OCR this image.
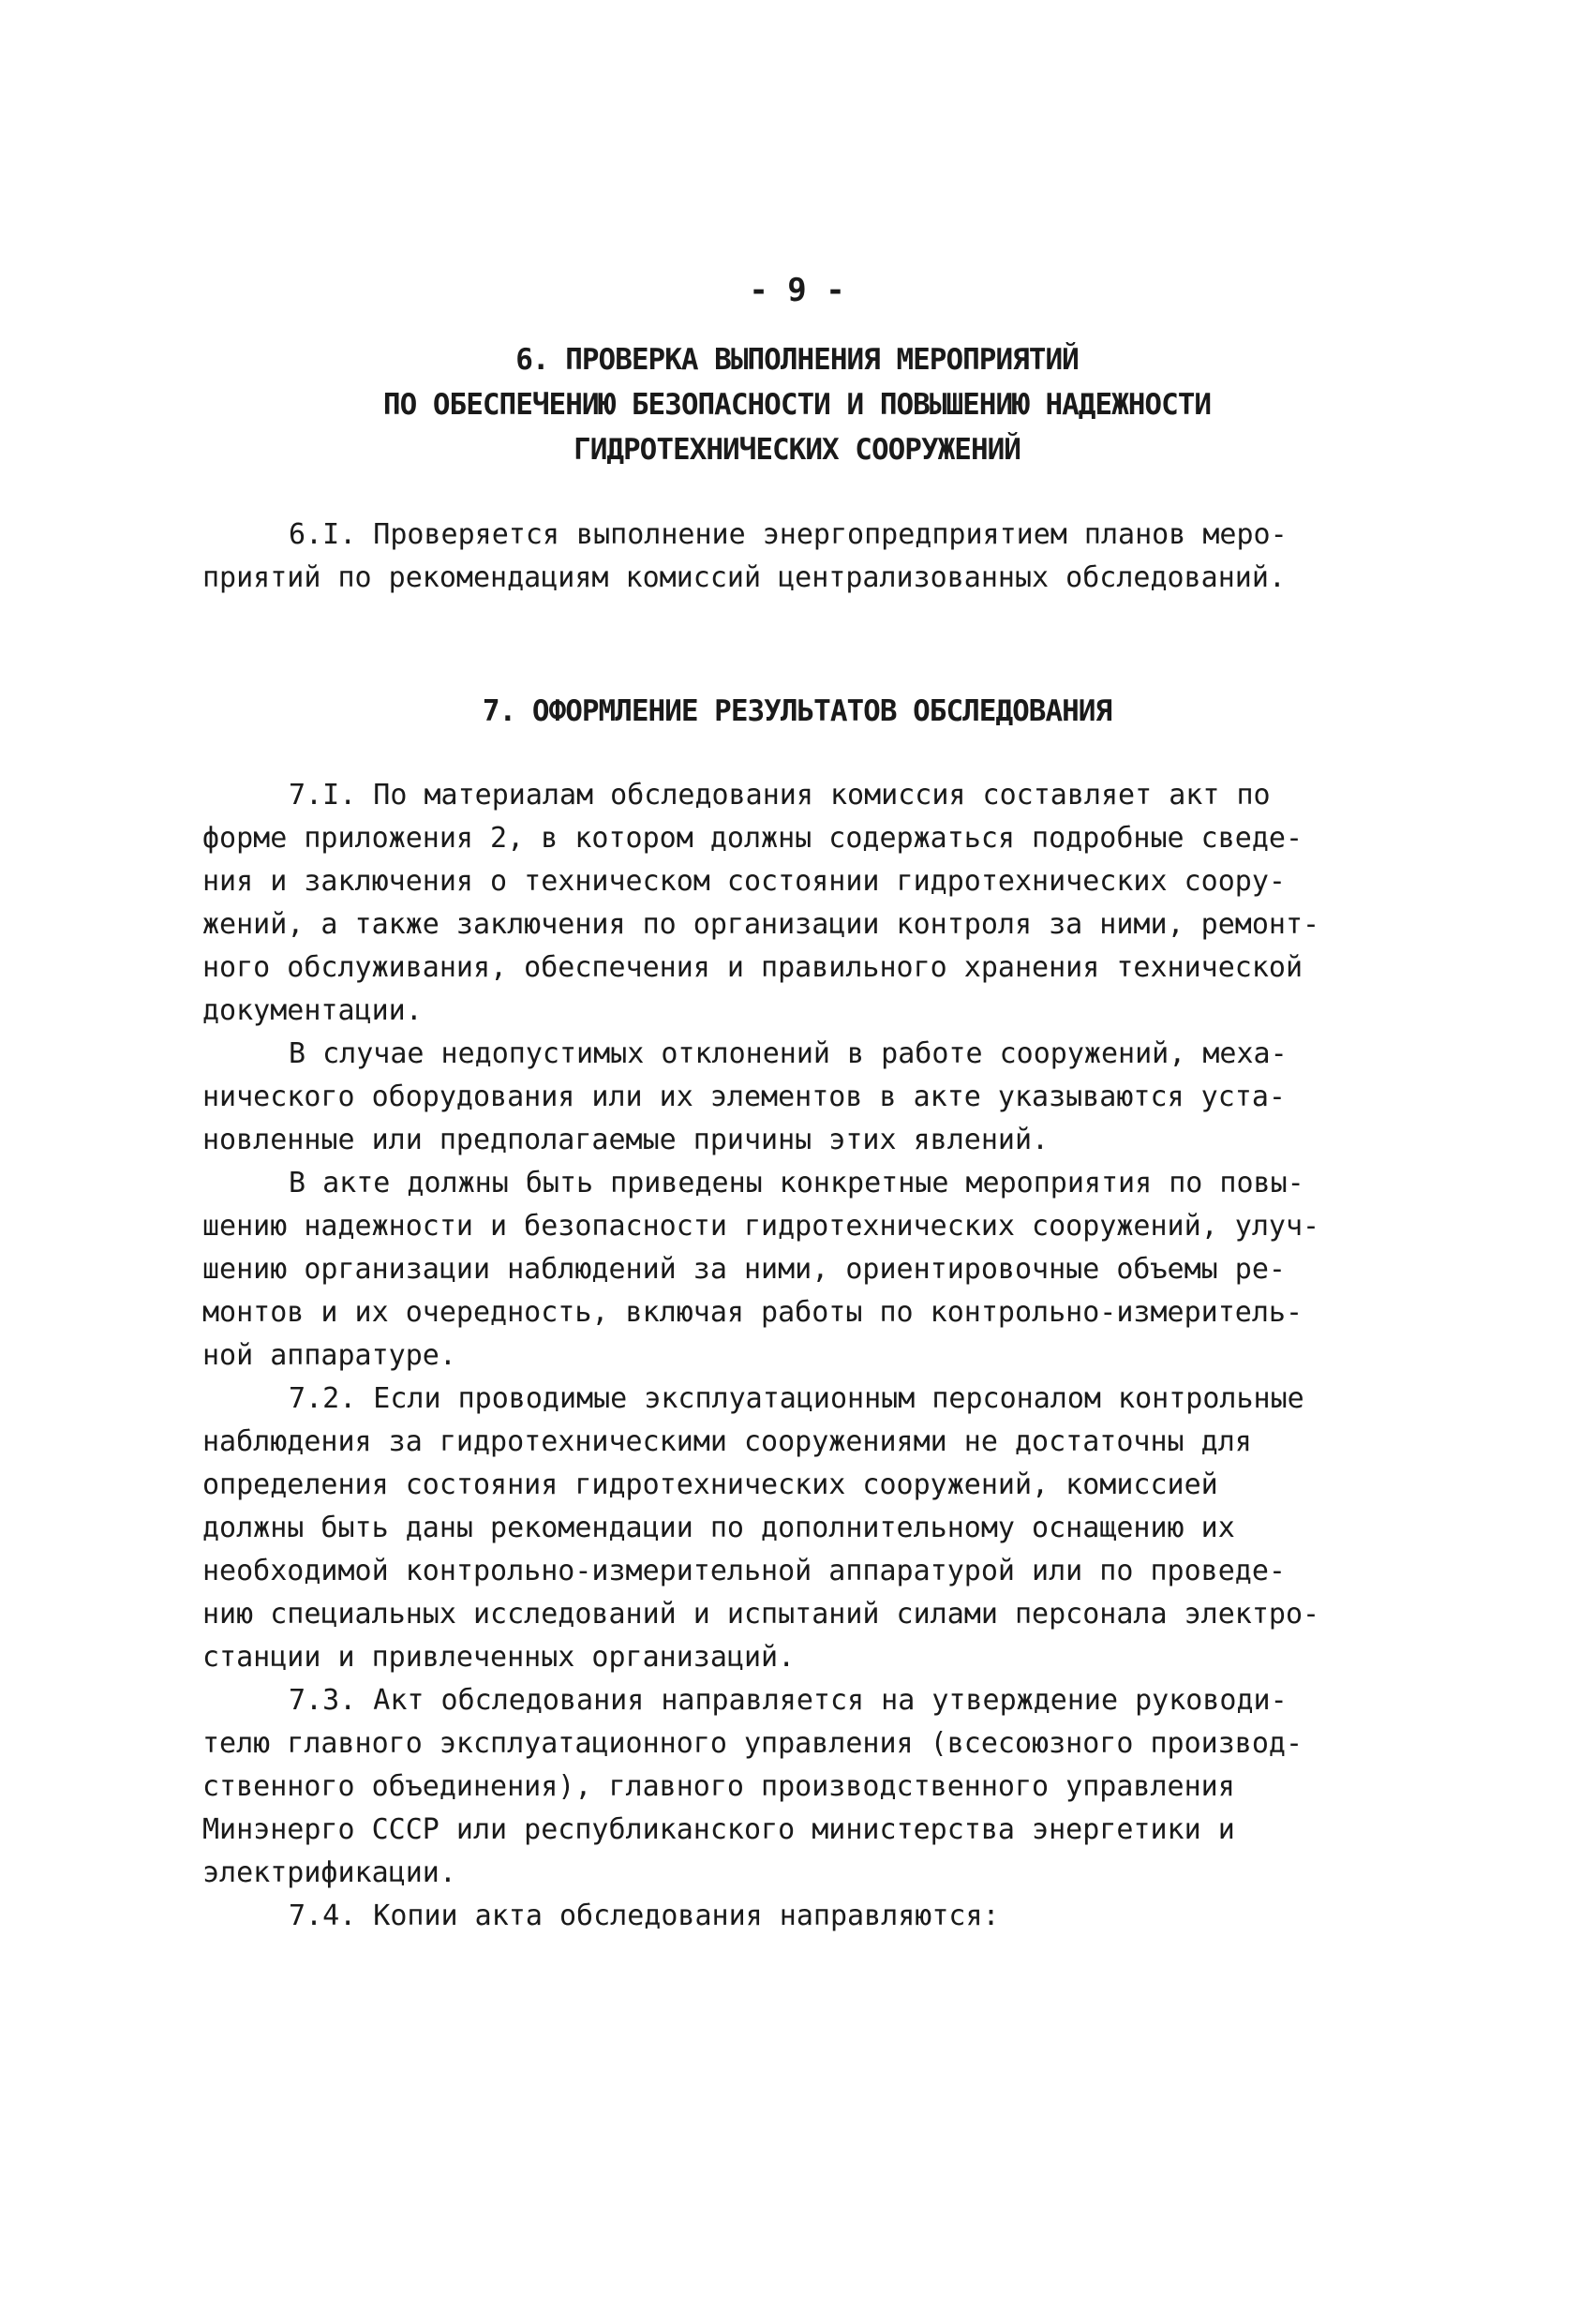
- 9 -
6. ПРОВЕРКА ВЫПОЛНЕНИЯ МЕРОПРИЯТИЙ
ПО ОБЕСПЕЧЕНИЮ БЕЗОПАСНОСТИ И ПОВЫШЕНИЮ НАДЕЖНОСТИ
ГИДРОТЕХНИЧЕСКИХ СООРУЖЕНИЙ
6.I. Проверяется выполнение энергопредприятием планов меро-
приятий по рекомендациям комиссий централизованных обследований.
7. ОФОРМЛЕНИЕ РЕЗУЛЬТАТОВ ОБСЛЕДОВАНИЯ
7.I. По материалам обследования комиссия составляет акт по
форме приложения 2, в котором должны содержаться подробные сведе-
ния и заключения о техническом состоянии гидротехнических соору-
жений, а также заключения по организации контроля за ними, ремонт-
ного обслуживания, обеспечения и правильного хранения технической
документации.
В случае недопустимых отклонений в работе сооружений, меха-
нического оборудования или их элементов в акте указываются уста-
новленные или предполагаемые причины этих явлений.
В акте должны быть приведены конкретные мероприятия по повы-
шению надежности и безопасности гидротехнических сооружений, улуч-
шению организации наблюдений за ними, ориентировочные объемы ре-
монтов и их очередность, включая работы по контрольно-измеритель-
ной аппаратуре.
7.2. Если проводимые эксплуатационным персоналом контрольные
наблюдения за гидротехническими сооружениями не достаточны для
определения состояния гидротехнических сооружений, комиссией
должны быть даны рекомендации по дополнительному оснащению их
необходимой контрольно-измерительной аппаратурой или по проведе-
нию специальных исследований и испытаний силами персонала электро-
станции и привлеченных организаций.
7.3. Акт обследования направляется на утверждение руководи-
телю главного эксплуатационного управления (всесоюзного производ-
ственного объединения), главного производственного управления
Минэнерго СССР или республиканского министерства энергетики и
электрификации.
7.4. Копии акта обследования направляются:
